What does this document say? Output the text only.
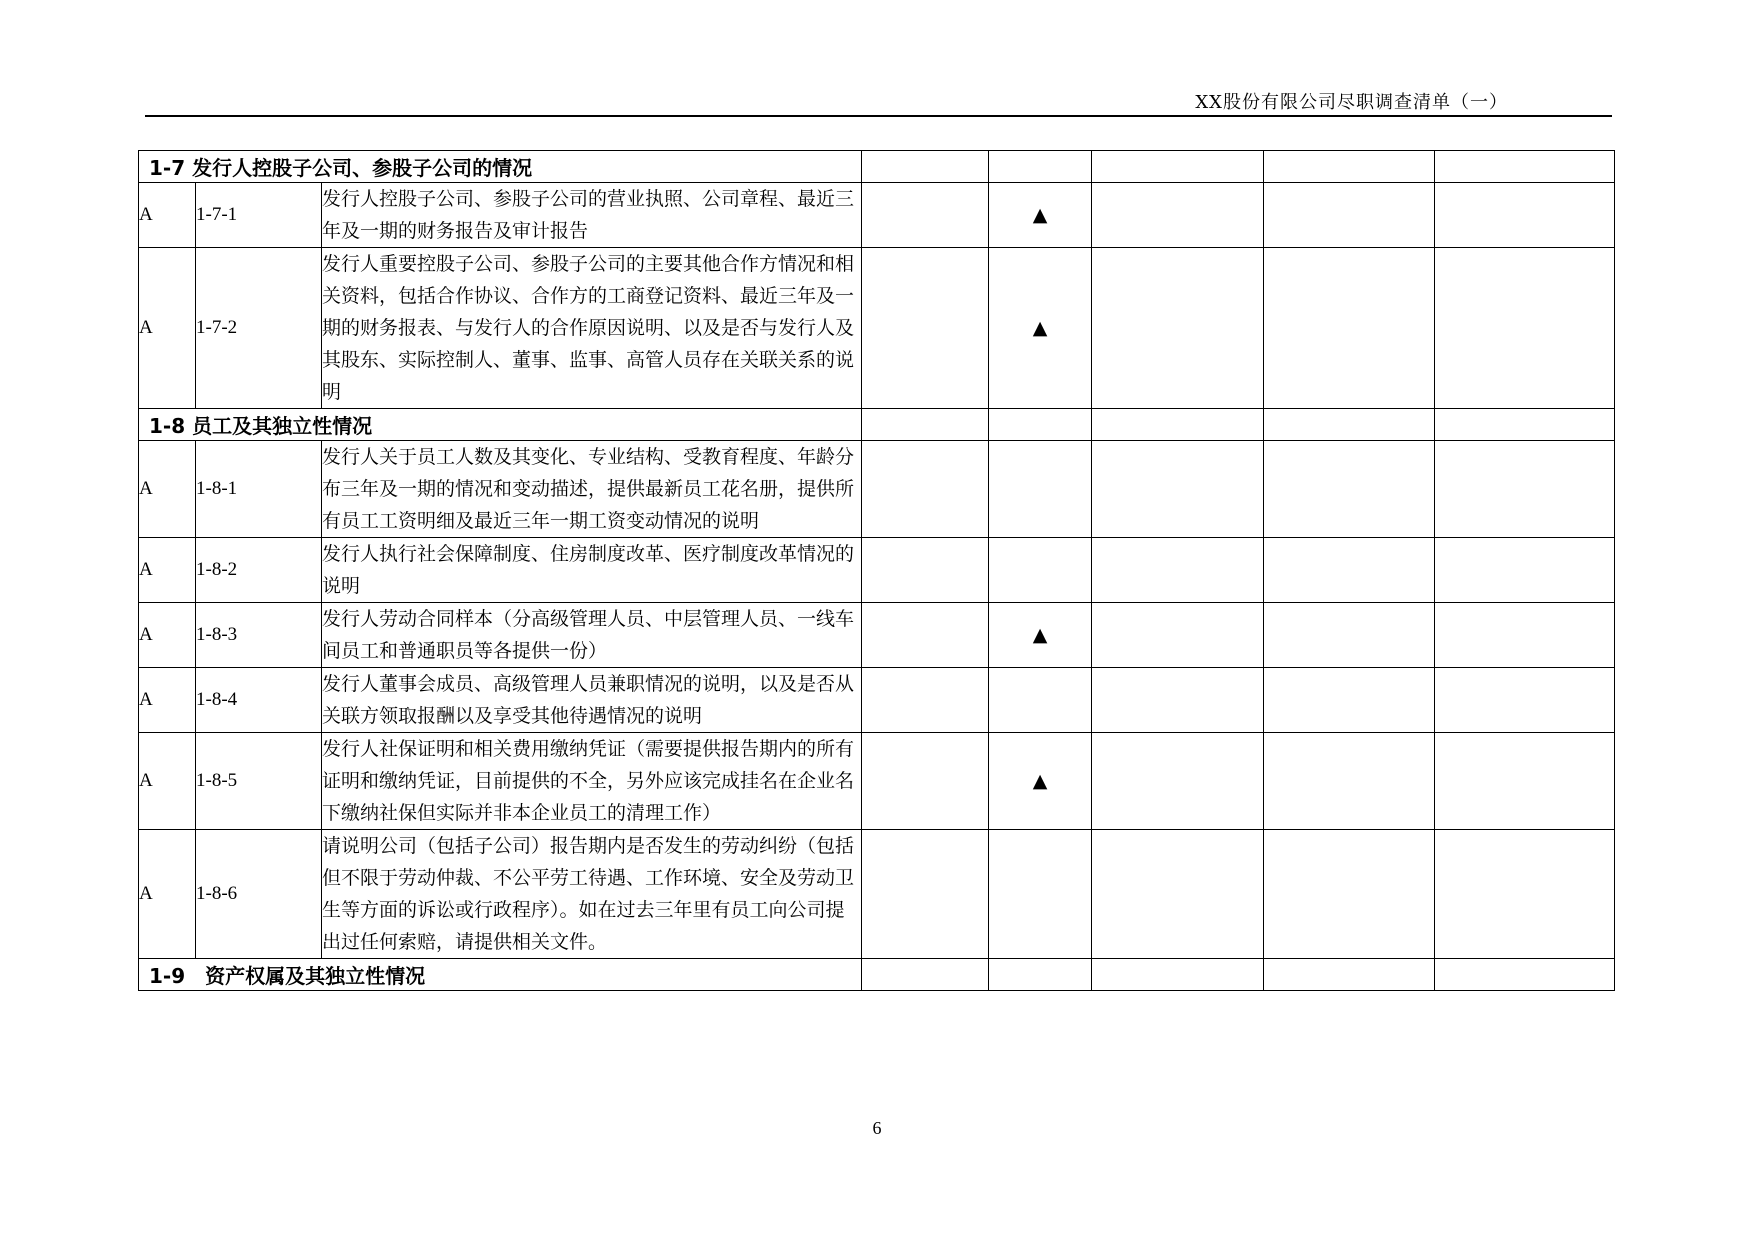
XX股份有限公司尽职调查清单（一）
1-7 发行人控股子公司、参股子公司的情况							
A	1-7-1	发行人控股子公司、参股子公司的营业执照、公司章程、最近三年及一期的财务报告及审计报告		▲			
A	1-7-2	发行人重要控股子公司、参股子公司的主要其他合作方情况和相关资料，包括合作协议、合作方的工商登记资料、最近三年及一期的财务报表、与发行人的合作原因说明、以及是否与发行人及其股东、实际控制人、董事、监事、高管人员存在关联关系的说明		▲			
1-8 员工及其独立性情况							
A	1-8-1	发行人关于员工人数及其变化、专业结构、受教育程度、年龄分布三年及一期的情况和变动描述，提供最新员工花名册，提供所有员工工资明细及最近三年一期工资变动情况的说明					
A	1-8-2	发行人执行社会保障制度、住房制度改革、医疗制度改革情况的说明					
A	1-8-3	发行人劳动合同样本（分高级管理人员、中层管理人员、一线车间员工和普通职员等各提供一份）		▲			
A	1-8-4	发行人董事会成员、高级管理人员兼职情况的说明，以及是否从关联方领取报酬以及享受其他待遇情况的说明					
A	1-8-5	发行人社保证明和相关费用缴纳凭证（需要提供报告期内的所有证明和缴纳凭证，目前提供的不全，另外应该完成挂名在企业名下缴纳社保但实际并非本企业员工的清理工作）		▲			
A	1-8-6	请说明公司（包括子公司）报告期内是否发生的劳动纠纷（包括但不限于劳动仲裁、不公平劳工待遇、工作环境、安全及劳动卫生等方面的诉讼或行政程序）。如在过去三年里有员工向公司提出过任何索赔，请提供相关文件。					
1-9　资产权属及其独立性情况							
6
